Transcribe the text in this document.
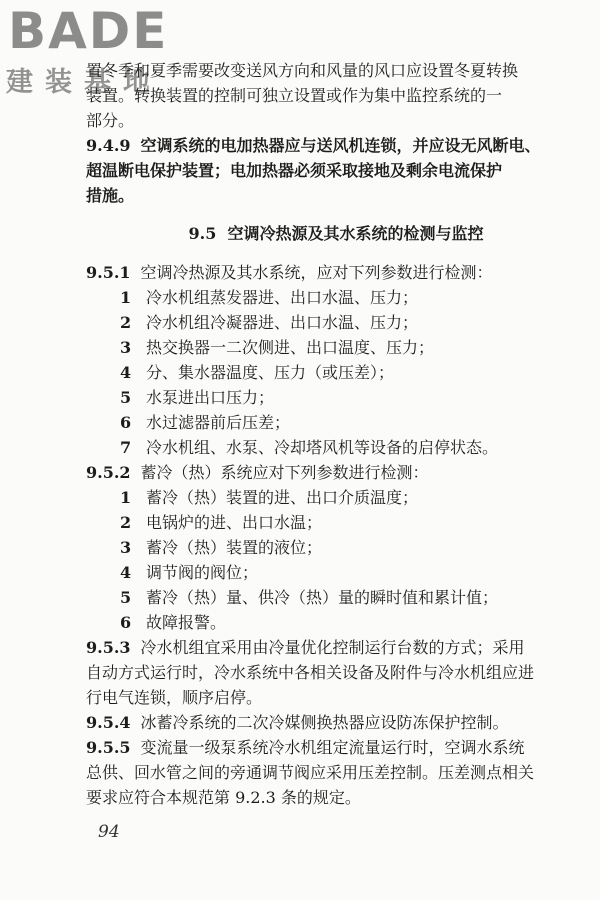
BADE
建装基地

置冬季和夏季需要改变送风方向和风量的风口应设置冬夏转换

装置。转换装置的控制可独立设置或作为集中监控系统的一

部分。

9.4.9 空调系统的电加热器应与送风机连锁，并应设无风断电、

超温断电保护装置；电加热器必须采取接地及剩余电流保护

措施。

9.5 空调冷热源及其水系统的检测与监控

9.5.1 空调冷热源及其水系统，应对下列参数进行检测：

1 冷水机组蒸发器进、出口水温、压力；

2 冷水机组冷凝器进、出口水温、压力；

3 热交换器一二次侧进、出口温度、压力；

4 分、集水器温度、压力（或压差）；

5 水泵进出口压力；

6 水过滤器前后压差；

7 冷水机组、水泵、冷却塔风机等设备的启停状态。

9.5.2 蓄冷（热）系统应对下列参数进行检测：

1 蓄冷（热）装置的进、出口介质温度；

2 电锅炉的进、出口水温；

3 蓄冷（热）装置的液位；

4 调节阀的阀位；

5 蓄冷（热）量、供冷（热）量的瞬时值和累计值；

6 故障报警。

9.5.3 冷水机组宜采用由冷量优化控制运行台数的方式；采用

自动方式运行时，冷水系统中各相关设备及附件与冷水机组应进

行电气连锁，顺序启停。

9.5.4 冰蓄冷系统的二次冷媒侧换热器应设防冻保护控制。

9.5.5 变流量一级泵系统冷水机组定流量运行时，空调水系统

总供、回水管之间的旁通调节阀应采用压差控制。压差测点相关

要求应符合本规范第 9.2.3 条的规定。

94
